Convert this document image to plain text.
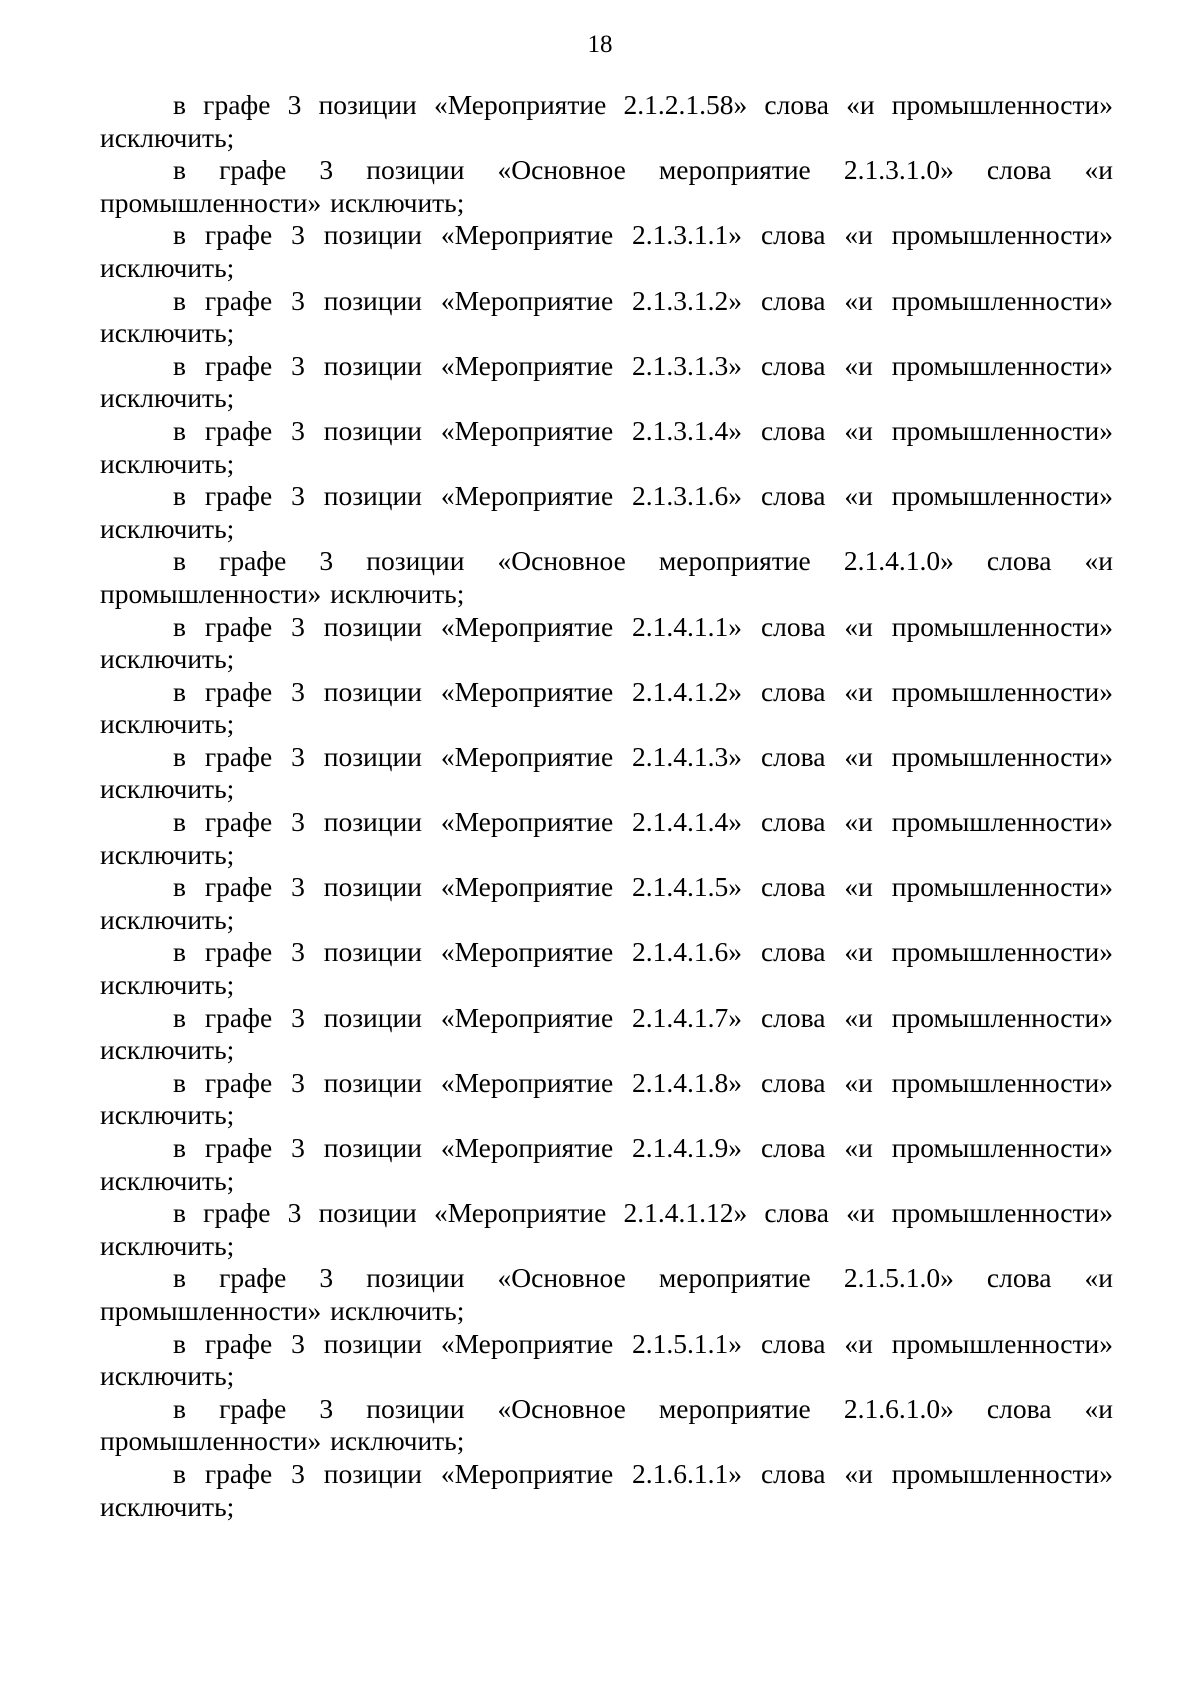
18
в графе 3 позиции «Мероприятие 2.1.2.1.58» слова «и промышленности» исключить;
в графе 3 позиции «Основное мероприятие 2.1.3.1.0» слова «и промышленности» исключить;
в графе 3 позиции «Мероприятие 2.1.3.1.1» слова «и промышленности» исключить;
в графе 3 позиции «Мероприятие 2.1.3.1.2» слова «и промышленности» исключить;
в графе 3 позиции «Мероприятие 2.1.3.1.3» слова «и промышленности» исключить;
в графе 3 позиции «Мероприятие 2.1.3.1.4» слова «и промышленности» исключить;
в графе 3 позиции «Мероприятие 2.1.3.1.6» слова «и промышленности» исключить;
в графе 3 позиции «Основное мероприятие 2.1.4.1.0» слова «и промышленности» исключить;
в графе 3 позиции «Мероприятие 2.1.4.1.1» слова «и промышленности» исключить;
в графе 3 позиции «Мероприятие 2.1.4.1.2» слова «и промышленности» исключить;
в графе 3 позиции «Мероприятие 2.1.4.1.3» слова «и промышленности» исключить;
в графе 3 позиции «Мероприятие 2.1.4.1.4» слова «и промышленности» исключить;
в графе 3 позиции «Мероприятие 2.1.4.1.5» слова «и промышленности» исключить;
в графе 3 позиции «Мероприятие 2.1.4.1.6» слова «и промышленности» исключить;
в графе 3 позиции «Мероприятие 2.1.4.1.7» слова «и промышленности» исключить;
в графе 3 позиции «Мероприятие 2.1.4.1.8» слова «и промышленности» исключить;
в графе 3 позиции «Мероприятие 2.1.4.1.9» слова «и промышленности» исключить;
в графе 3 позиции «Мероприятие 2.1.4.1.12» слова «и промышленности» исключить;
в графе 3 позиции «Основное мероприятие 2.1.5.1.0» слова «и промышленности» исключить;
в графе 3 позиции «Мероприятие 2.1.5.1.1» слова «и промышленности» исключить;
в графе 3 позиции «Основное мероприятие 2.1.6.1.0» слова «и промышленности» исключить;
в графе 3 позиции «Мероприятие 2.1.6.1.1» слова «и промышленности» исключить;
